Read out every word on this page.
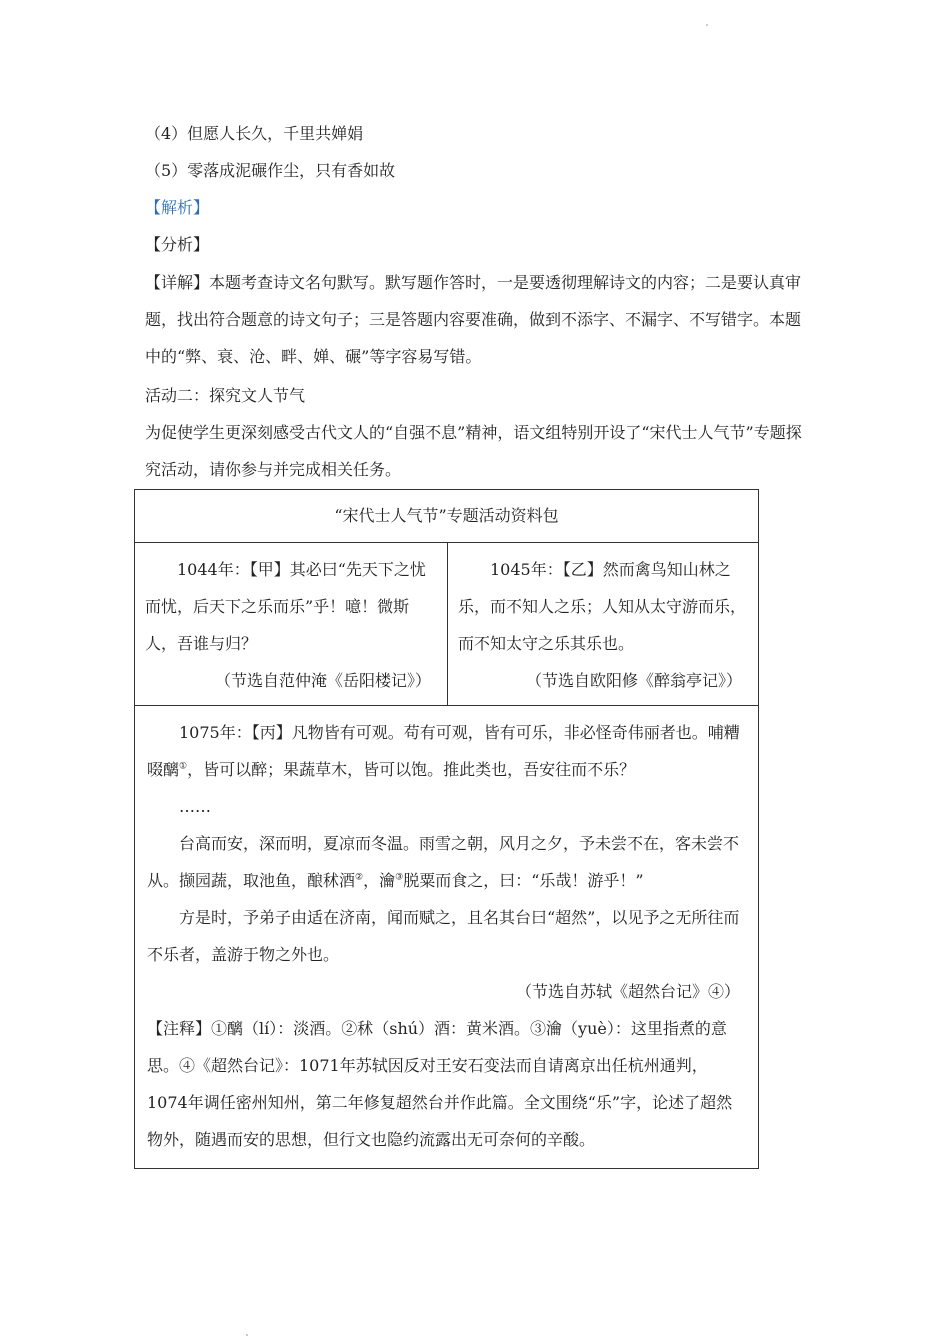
（4）但愿人长久，千里共婵娟
（5）零落成泥碾作尘，只有香如故
【解析】
【分析】
【详解】本题考查诗文名句默写。默写题作答时，一是要透彻理解诗文的内容；二是要认真审题，找出符合题意的诗文句子；三是答题内容要准确，做到不添字、不漏字、不写错字。本题中的“弊、衰、沧、畔、婵、碾”等字容易写错。
活动二：探究文人节气
为促使学生更深刻感受古代文人的“自强不息”精神，语文组特别开设了“宋代士人气节”专题探究活动，请你参与并完成相关任务。
“宋代士人气节”专题活动资料包

1044年：【甲】其必曰“先天下之忧而忧，后天下之乐而乐”乎！噫！微斯人，吾谁与归？
（节选自范仲淹《岳阳楼记》）

1045年：【乙】然而禽鸟知山林之乐，而不知人之乐；人知从太守游而乐，而不知太守之乐其乐也。
（节选自欧阳修《醉翁亭记》）

1075年：【丙】凡物皆有可观。苟有可观，皆有可乐，非必怪奇伟丽者也。哺糟啜醨①，皆可以醉；果蔬草木，皆可以饱。推此类也，吾安往而不乐？
……
台高而安，深而明，夏凉而冬温。雨雪之朝，风月之夕，予未尝不在，客未尝不从。撷园蔬，取池鱼，酿秫酒②，瀹③脱粟而食之，曰：“乐哉！游乎！”
方是时，予弟子由适在济南，闻而赋之，且名其台曰“超然”，以见予之无所往而不乐者，盖游于物之外也。
（节选自苏轼《超然台记》④）
【注释】①醨（lí）：淡酒。②秫（shú）酒：黄米酒。③瀹（yuè）：这里指煮的意思。④《超然台记》：1071年苏轼因反对王安石变法而自请离京出任杭州通判，1074年调任密州知州，第二年修复超然台并作此篇。全文围绕“乐”字，论述了超然物外，随遇而安的思想，但行文也隐约流露出无可奈何的辛酸。
